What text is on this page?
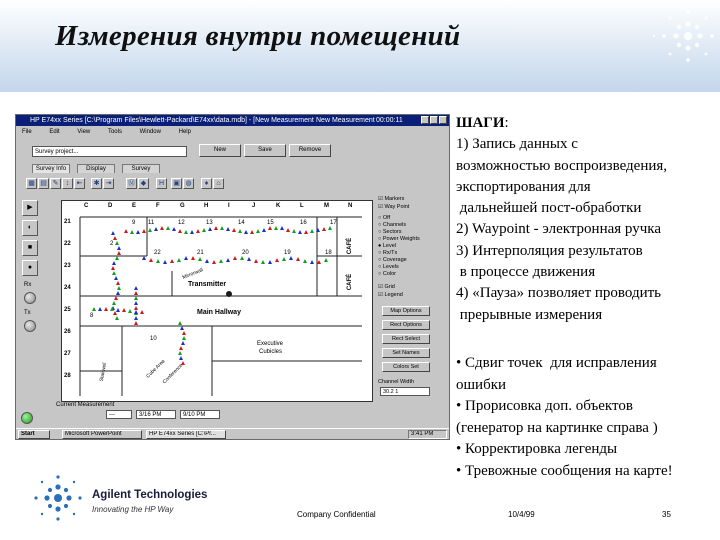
Измерения внутри помещений
HP E74xx Series [C:\Program Files\Hewlett-Packard\E74xx\data.mdb] - [New Measurement New Measurement 00:00:11
File	Edit	View	Tools	Window	Help
Survey project...	New	Save	Remove
Survey Info	Display	Survey
▦ ▤ ✎	↕	⇤	✱ ⇥	Ⓜ ◆	H	▣ ◍	♦	⌂
▶
◐
■
●
Rx
Tx
C	D	E	F	G	H	I	J	K	L	M	N
21
22
23
24
25
26
27
28
9 11	12	13	14	15	16	17
22	21	20	19	18
2
8
10
Transmitter
Main Hallway
Executive
Cubicles
Mirrorwall
Stairwell	Cube Area
Conference
CAFÉ
CAFÉ
☑ Markers
☑ Way Point
○ Off
○ Channels
○ Sectors
○ Power Weights
● Level
○ Rx/Tx
○ Coverage
○ Levels
○ Color
☑ Grid
☑ Legend
Map Options
Rect Options
Rect Select
Set Names
Colors Set
Channel Width
30.2 1
Current Measurement
---	3/16 PM	9/10 PM
Start	Microsoft PowerPoint	HP E74xx Series [C:\Pr...	3:41 PM
ШАГИ:
1) Запись данных с
возможностью воспроизведения,
экспортирования для
дальнейшей пост-обработки
2) Waypoint - электронная ручка
3) Интерполяция результатов
в процессе движения
4) «Пауза» позволяет проводить
прерывные измерения
• Сдвиг точек  для исправления
ошибки
• Прорисовка доп. объектов
(генератор на картинке справа )
• Корректировка легенды
• Тревожные сообщения на карте!
Agilent Technologies
Innovating the HP Way
Company Confidential	10/4/99	35
